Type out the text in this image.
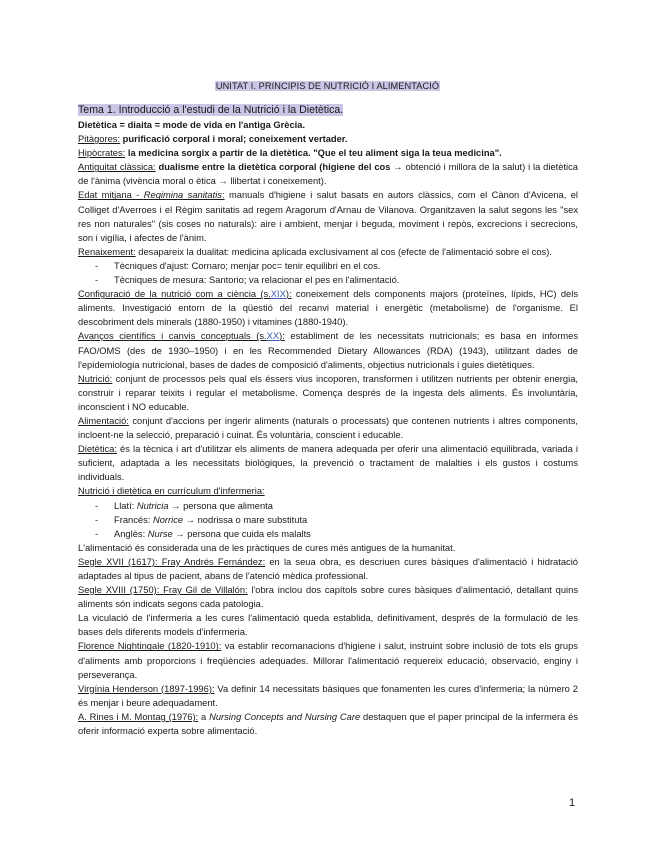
UNITAT I. PRINCIPIS DE NUTRICIÓ I ALIMENTACIÓ

Tema 1. Introducció a l'estudi de la Nutrició i la Dietètica.

Dietètica = diaita = mode de vida en l'antiga Grècia.

Pitàgores: purificació corporal i moral; coneixement vertader.

Hipòcrates: la medicina sorgix a partir de la dietètica. "Que el teu aliment siga la teua medicina".

Antiguitat clàssica: dualisme entre la dietètica corporal (higiene del cos → obtenció i millora de la salut) i la dietètica de l'ànima (vivència moral o ètica → llibertat i coneixement).

Edat mitjana - Regimina sanitatis: manuals d'higiene i salut basats en autors clàssics, com el Cànon d'Avicena, el Colliget d'Averroes i el Règim sanitatis ad regem Aragorum d'Arnau de Vilanova. Organitzaven la salut segons les "sex res non naturales" (sis coses no naturals): aire i ambient, menjar i beguda, moviment i repòs, excrecions i secrecions, son i vigília, i afectes de l'ànim.

Renaixement: desapareix la dualitat: medicina aplicada exclusivament al cos (efecte de l'alimentació sobre el cos).

- Tècniques d'ajust: Cornaro; menjar poc= tenir equilibri en el cos.

- Tècniques de mesura: Santorio; va relacionar el pes en l'alimentació.

Configuració de la nutrició com a ciència (s.XIX): coneixement dels components majors (proteïnes, lípids, HC) dels aliments. Investigació entorn de la qüestió del recanvi material i energètic (metabolisme) de l'organisme. El descobriment dels minerals (1880-1950) i vitamines (1880-1940).

Avanços científics i canvis conceptuals (s.XX): establiment de les necessitats nutricionals; es basa en informes FAO/OMS (des de 1930–1950) i en les Recommended Dietary Allowances (RDA) (1943), utilitzant dades de l'epidemiologia nutricional, bases de dades de composició d'aliments, objectius nutricionals i guies dietètiques.

Nutrició: conjunt de processos pels qual els éssers vius incoporen, transformen i utilitzen nutrients per obtenir energia, construir i reparar teixits i regular el metabolisme. Comença després de la ingesta dels aliments. És involuntària, inconscient i NO educable.

Alimentació: conjunt d'accions per ingerir aliments (naturals o processats) que contenen nutrients i altres components, incloent-ne la selecció, preparació i cuinat. És voluntària, conscient i educable.

Dietètica: és la tècnica i art d'utilitzar els aliments de manera adequada per oferir una alimentació equilibrada, variada i suficient, adaptada a les necessitats biològiques, la prevenció o tractament de malalties i els gustos i costums individuals.

Nutrició i dietètica en currículum d'infermeria:

- Llatí: Nutricia → persona que alimenta

- Francés: Norrice → nodrissa o mare substituta

- Anglès: Nurse → persona que cuida els malalts

L'alimentació és considerada una de les pràctiques de cures més antigues de la humanitat.

Segle XVII (1617): Fray Andrés Fernández: en la seua obra, es descriuen cures bàsiques d'alimentació i hidratació adaptades al tipus de pacient, abans de l'atenció mèdica professional.

Segle XVIII (1750): Fray Gil de Villalón: l'obra inclou dos capítols sobre cures bàsiques d'alimentació, detallant quins aliments són indicats segons cada patologia.

La viculació de l'infermeria a les cures l'alimentació queda establida, definitivament, després de la formulació de les bases dels diferents models d'infermeria.

Florence Nightingale (1820-1910): va establir recomanacions d'higiene i salut, instruint sobre inclusió de tots els grups d'aliments amb proporcions i freqüències adequades. Millorar l'alimentació requereix educació, observació, enginy i perseverança.

Virgínia Henderson (1897-1996): Va definir 14 necessitats bàsiques que fonamenten les cures d'infermeria; la número 2 és menjar i beure adequadament.

A. Rines i M. Montag (1976): a Nursing Concepts and Nursing Care destaquen que el paper principal de la infermera és oferir informació experta sobre alimentació.

1
